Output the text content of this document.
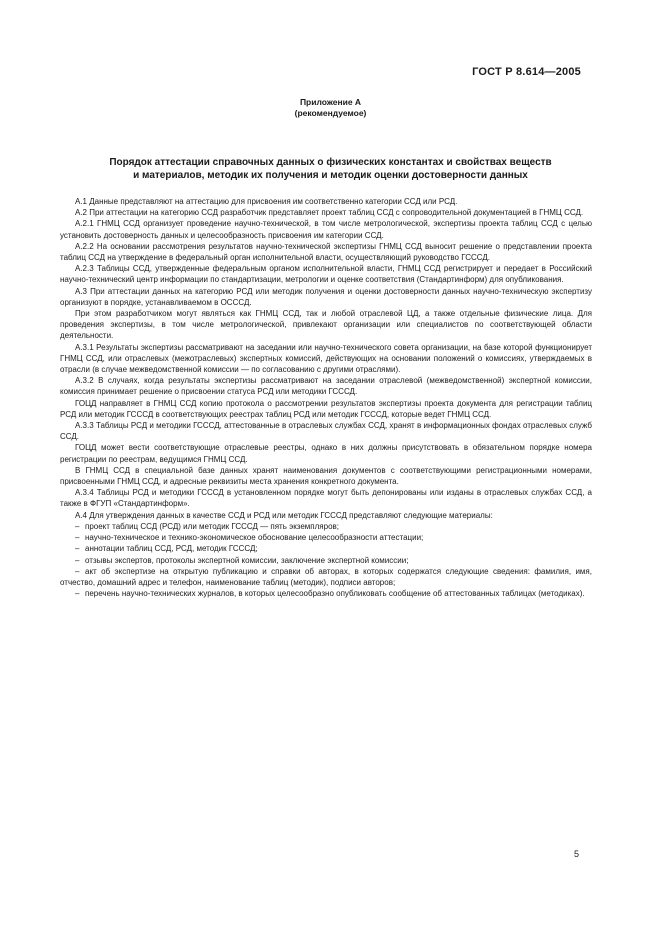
ГОСТ Р 8.614—2005
Приложение А
(рекомендуемое)
Порядок аттестации справочных данных о физических константах и свойствах веществ
и материалов, методик их получения и методик оценки достоверности данных

А.1 Данные представляют на аттестацию для присвоения им соответственно категории ССД или РСД.

А.2 При аттестации на категорию ССД разработчик представляет проект таблиц ССД с сопроводительной документацией в ГНМЦ ССД.

А.2.1 ГНМЦ ССД организует проведение научно-технической, в том числе метрологической, экспертизы проекта таблиц ССД с целью установить достоверность данных и целесообразность присвоения им категории ССД.

А.2.2 На основании рассмотрения результатов научно-технической экспертизы ГНМЦ ССД выносит решение о представлении проекта таблиц ССД на утверждение в федеральный орган исполнительной власти, осуществляющий руководство ГСССД.

А.2.3 Таблицы ССД, утвержденные федеральным органом исполнительной власти, ГНМЦ ССД регистрирует и передает в Российский научно-технический центр информации по стандартизации, метрологии и оценке соответствия (Стандартинформ) для опубликования.

А.3 При аттестации данных на категорию РСД или методик получения и оценки достоверности данных научно-техническую экспертизу организуют в порядке, устанавливаемом в ОСССД.

При этом разработчиком могут являться как ГНМЦ ССД, так и любой отраслевой ЦД, а также отдельные физические лица. Для проведения экспертизы, в том числе метрологической, привлекают организации или специалистов по соответствующей области деятельности.

А.3.1 Результаты экспертизы рассматривают на заседании или научно-технического совета организации, на базе которой функционирует ГНМЦ ССД, или отраслевых (межотраслевых) экспертных комиссий, действующих на основании положений о комиссиях, утверждаемых в отрасли (в случае межведомственной комиссии — по согласованию с другими отраслями).

А.3.2 В случаях, когда результаты экспертизы рассматривают на заседании отраслевой (межведомственной) экспертной комиссии, комиссия принимает решение о присвоении статуса РСД или методики ГСССД.

ГОЦД направляет в ГНМЦ ССД копию протокола о рассмотрении результатов экспертизы проекта документа для регистрации таблиц РСД или методик ГСССД в соответствующих реестрах таблиц РСД или методик ГСССД, которые ведет ГНМЦ ССД.

А.3.3 Таблицы РСД и методики ГСССД, аттестованные в отраслевых службах ССД, хранят в информационных фондах отраслевых служб ССД.

ГОЦД может вести соответствующие отраслевые реестры, однако в них должны присутствовать в обязательном порядке номера регистрации по реестрам, ведущимся ГНМЦ ССД.

В ГНМЦ ССД в специальной базе данных хранят наименования документов с соответствующими регистрационными номерами, присвоенными ГНМЦ ССД, и адресные реквизиты места хранения конкретного документа.

А.3.4 Таблицы РСД и методики ГСССД в установленном порядке могут быть депонированы или изданы в отраслевых службах ССД, а также в ФГУП «Стандартинформ».

А.4 Для утверждения данных в качестве ССД и РСД или методик ГСССД представляют следующие материалы:

– проект таблиц ССД (РСД) или методик ГСССД — пять экземпляров;
– научно-техническое и технико-экономическое обоснование целесообразности аттестации;
– аннотации таблиц ССД, РСД, методик ГСССД;
– отзывы экспертов, протоколы экспертной комиссии, заключение экспертной комиссии;
– акт об экспертизе на открытую публикацию и справки об авторах, в которых содержатся следующие сведения: фамилия, имя, отчество, домашний адрес и телефон, наименование таблиц (методик), подписи авторов;
– перечень научно-технических журналов, в которых целесообразно опубликовать сообщение об аттестованных таблицах (методиках).
5
